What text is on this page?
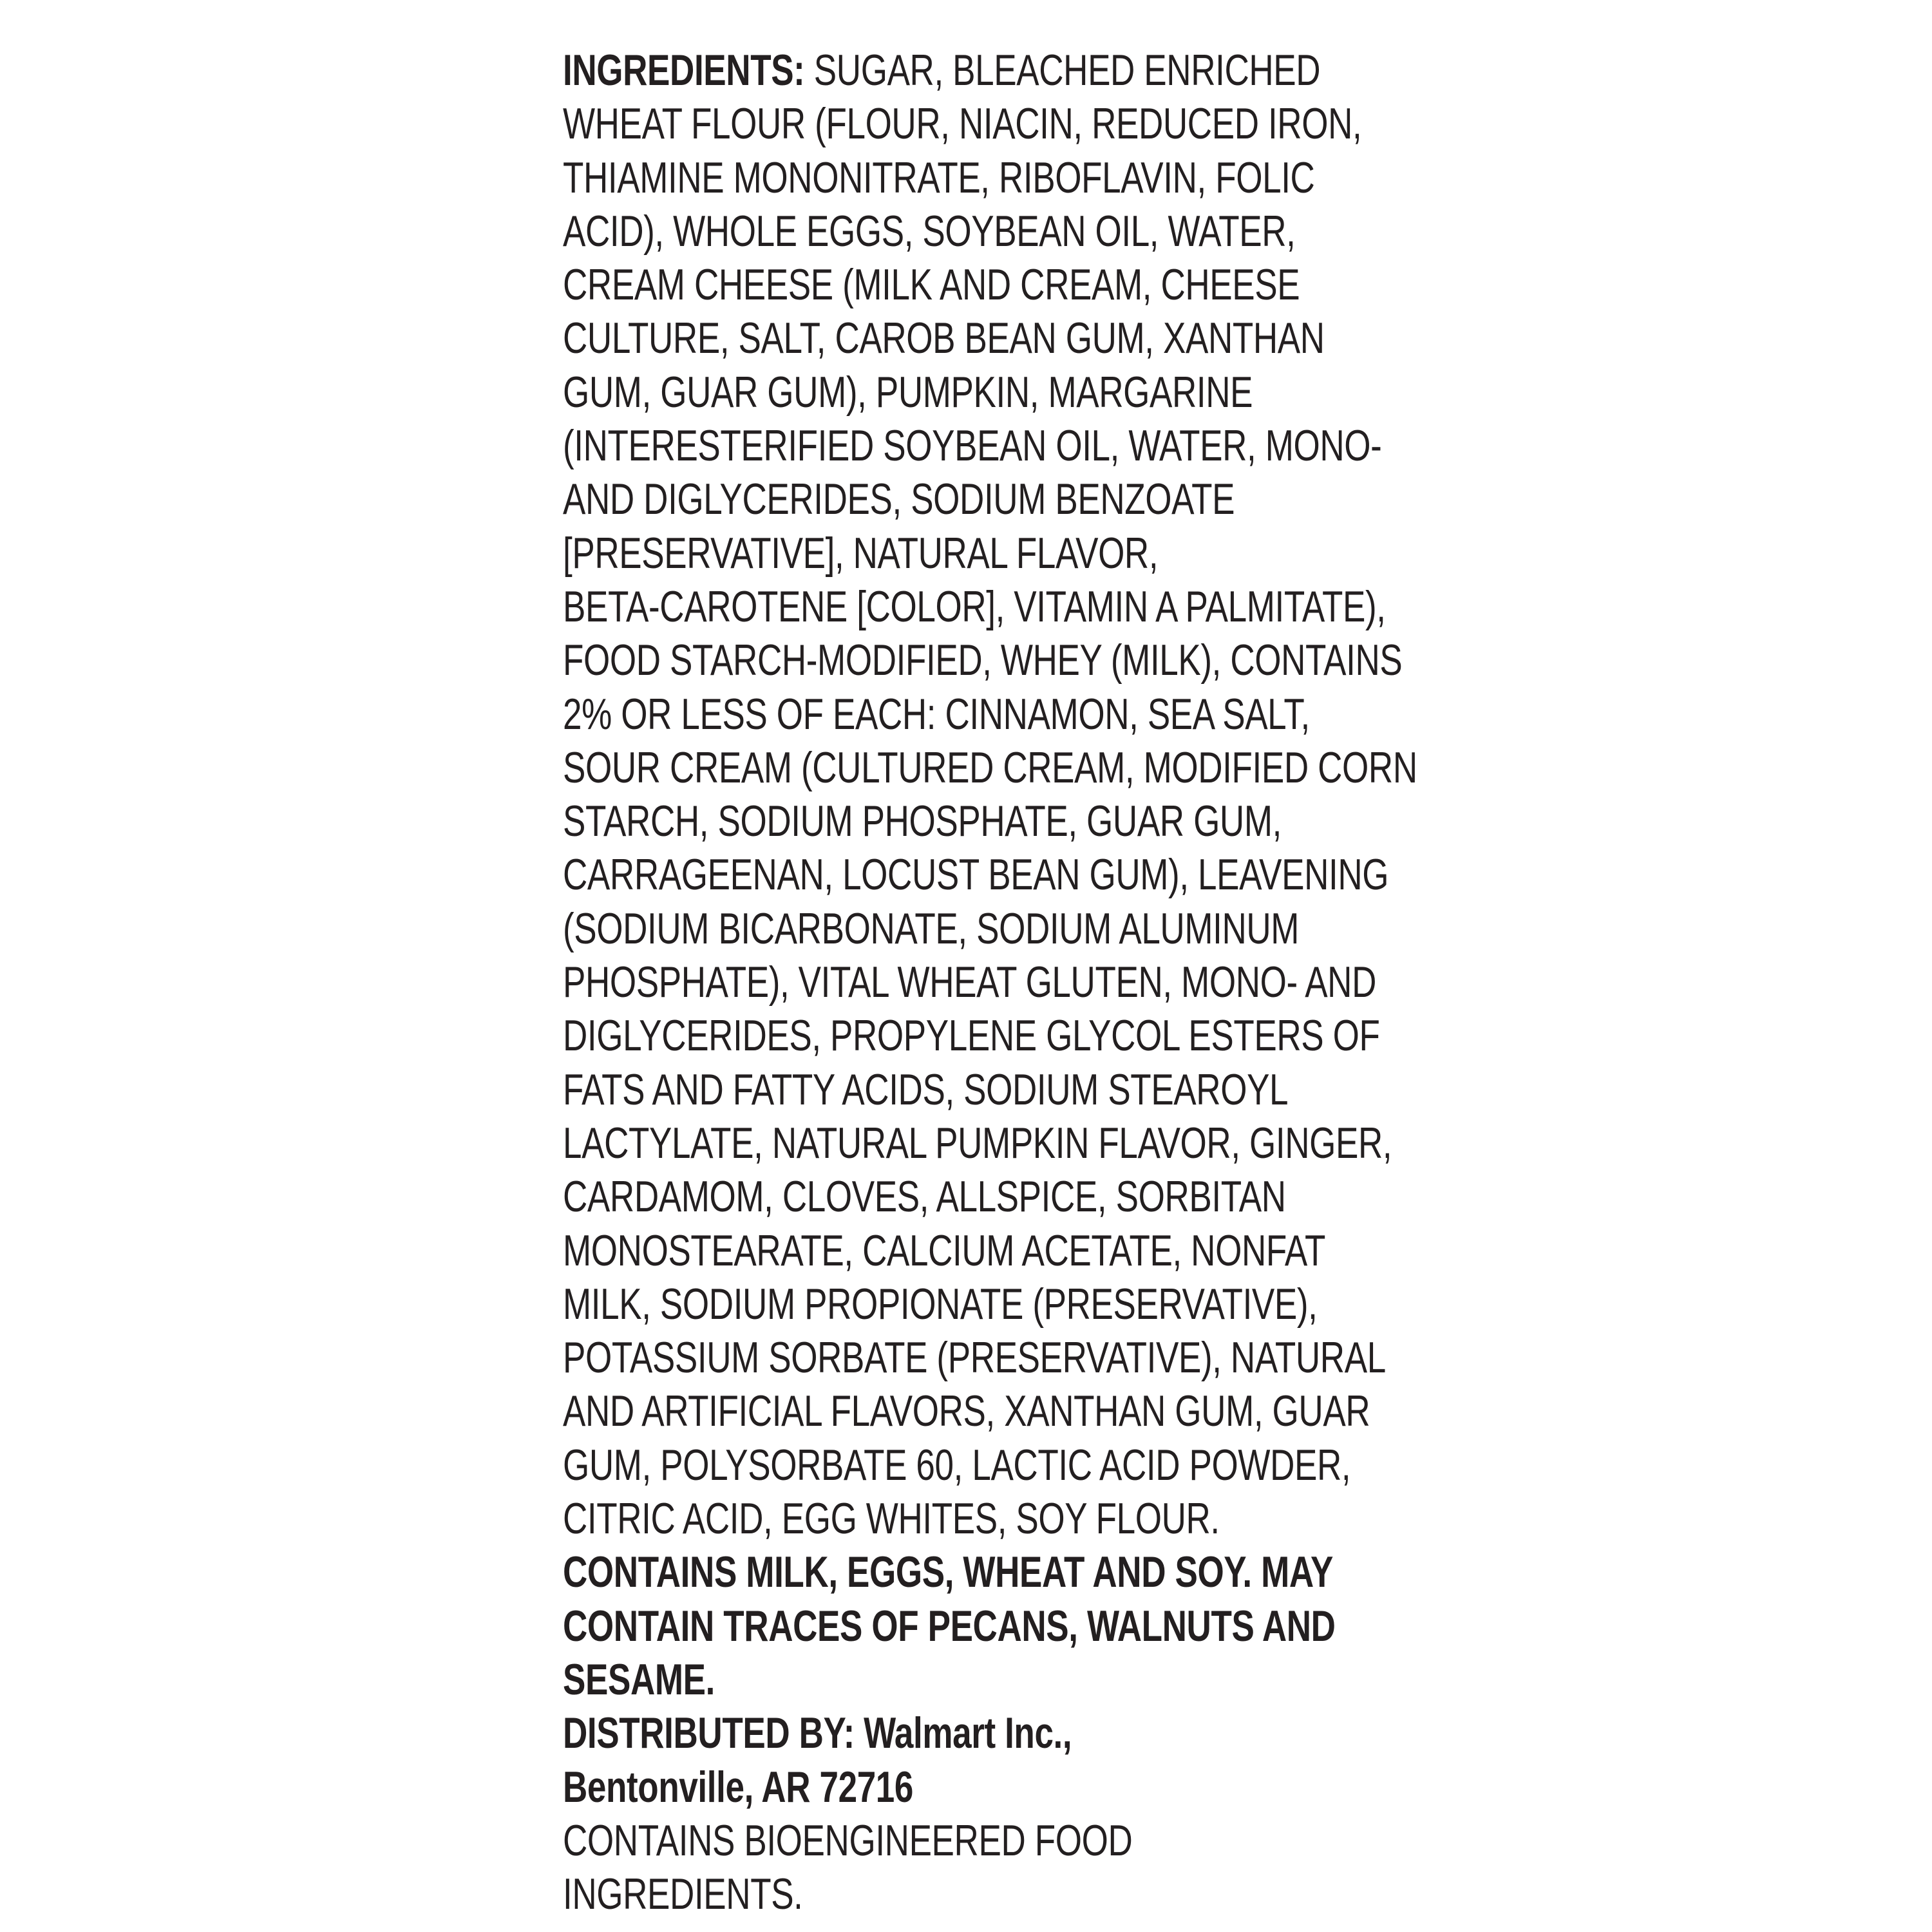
INGREDIENTS: SUGAR, BLEACHED ENRICHED
WHEAT FLOUR (FLOUR, NIACIN, REDUCED IRON,
THIAMINE MONONITRATE, RIBOFLAVIN, FOLIC
ACID), WHOLE EGGS, SOYBEAN OIL, WATER,
CREAM CHEESE (MILK AND CREAM, CHEESE
CULTURE, SALT, CAROB BEAN GUM, XANTHAN
GUM, GUAR GUM), PUMPKIN, MARGARINE
(INTERESTERIFIED SOYBEAN OIL, WATER, MONO-
AND DIGLYCERIDES, SODIUM BENZOATE
[PRESERVATIVE], NATURAL FLAVOR,
BETA-CAROTENE [COLOR], VITAMIN A PALMITATE),
FOOD STARCH-MODIFIED, WHEY (MILK), CONTAINS
2% OR LESS OF EACH: CINNAMON, SEA SALT,
SOUR CREAM (CULTURED CREAM, MODIFIED CORN
STARCH, SODIUM PHOSPHATE, GUAR GUM,
CARRAGEENAN, LOCUST BEAN GUM), LEAVENING
(SODIUM BICARBONATE, SODIUM ALUMINUM
PHOSPHATE), VITAL WHEAT GLUTEN, MONO- AND
DIGLYCERIDES, PROPYLENE GLYCOL ESTERS OF
FATS AND FATTY ACIDS, SODIUM STEAROYL
LACTYLATE, NATURAL PUMPKIN FLAVOR, GINGER,
CARDAMOM, CLOVES, ALLSPICE, SORBITAN
MONOSTEARATE, CALCIUM ACETATE, NONFAT
MILK, SODIUM PROPIONATE (PRESERVATIVE),
POTASSIUM SORBATE (PRESERVATIVE), NATURAL
AND ARTIFICIAL FLAVORS, XANTHAN GUM, GUAR
GUM, POLYSORBATE 60, LACTIC ACID POWDER,
CITRIC ACID, EGG WHITES, SOY FLOUR.
CONTAINS MILK, EGGS, WHEAT AND SOY. MAY
CONTAIN TRACES OF PECANS, WALNUTS AND
SESAME.
DISTRIBUTED BY: Walmart Inc.,
Bentonville, AR 72716
CONTAINS BIOENGINEERED FOOD
INGREDIENTS.
